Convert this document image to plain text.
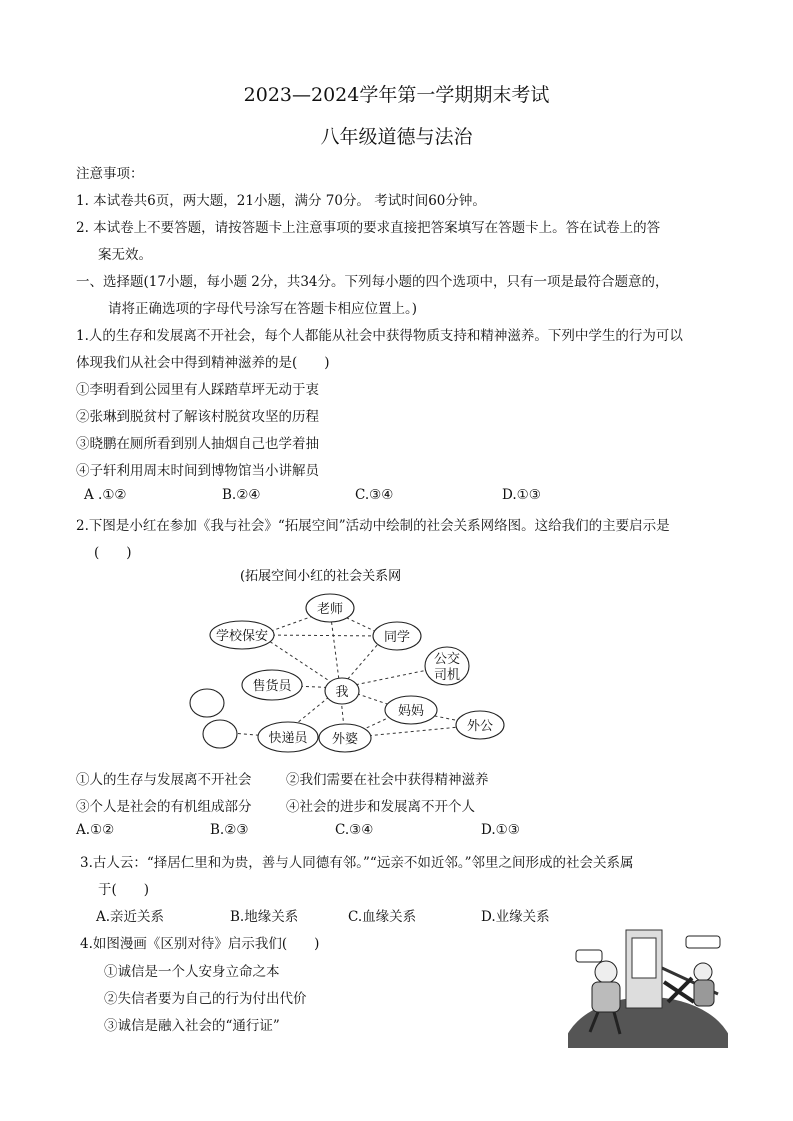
2023—2024学年第一学期期末考试
八年级道德与法治
注意事项：
1. 本试卷共6页，两大题，21小题，满分 70分。 考试时间60分钟。
2. 本试卷上不要答题，请按答题卡上注意事项的要求直接把答案填写在答题卡上。答在试卷上的答
案无效。
一、选择题(17小题，每小题 2分，共34分。下列每小题的四个选项中，只有一项是最符合题意的，
请将正确选项的字母代号涂写在答题卡相应位置上。)
1.人的生存和发展离不开社会，每个人都能从社会中获得物质支持和精神滋养。下列中学生的行为可以
体现我们从社会中得到精神滋养的是(　　)
①李明看到公园里有人踩踏草坪无动于衷
②张琳到脱贫村了解该村脱贫攻坚的历程
③晓鹏在厕所看到别人抽烟自己也学着抽
④子轩利用周末时间到博物馆当小讲解员
A .①②	B.②④	C.③④	D.①③
2.下图是小红在参加《我与社会》“拓展空间”活动中绘制的社会关系网络图。这给我们的主要启示是
(　　)
(拓展空间小红的社会关系网
老师
学校保安	同学
公交
司机
售货员	我
妈妈
外公
快递员 外婆
①人的生存与发展离不开社会	②我们需要在社会中获得精神滋养
③个人是社会的有机组成部分	④社会的进步和发展离不开个人
A.①②	B.②③	C.③④	D.①③
3.古人云：“择居仁里和为贵，善与人同德有邻。”“远亲不如近邻。”邻里之间形成的社会关系属
于(　　)
A.亲近关系	B.地缘关系	C.血缘关系	D.业缘关系
4.如图漫画《区别对待》启示我们(　　)
①诚信是一个人安身立命之本
②失信者要为自己的行为付出代价
③诚信是融入社会的“通行证”
